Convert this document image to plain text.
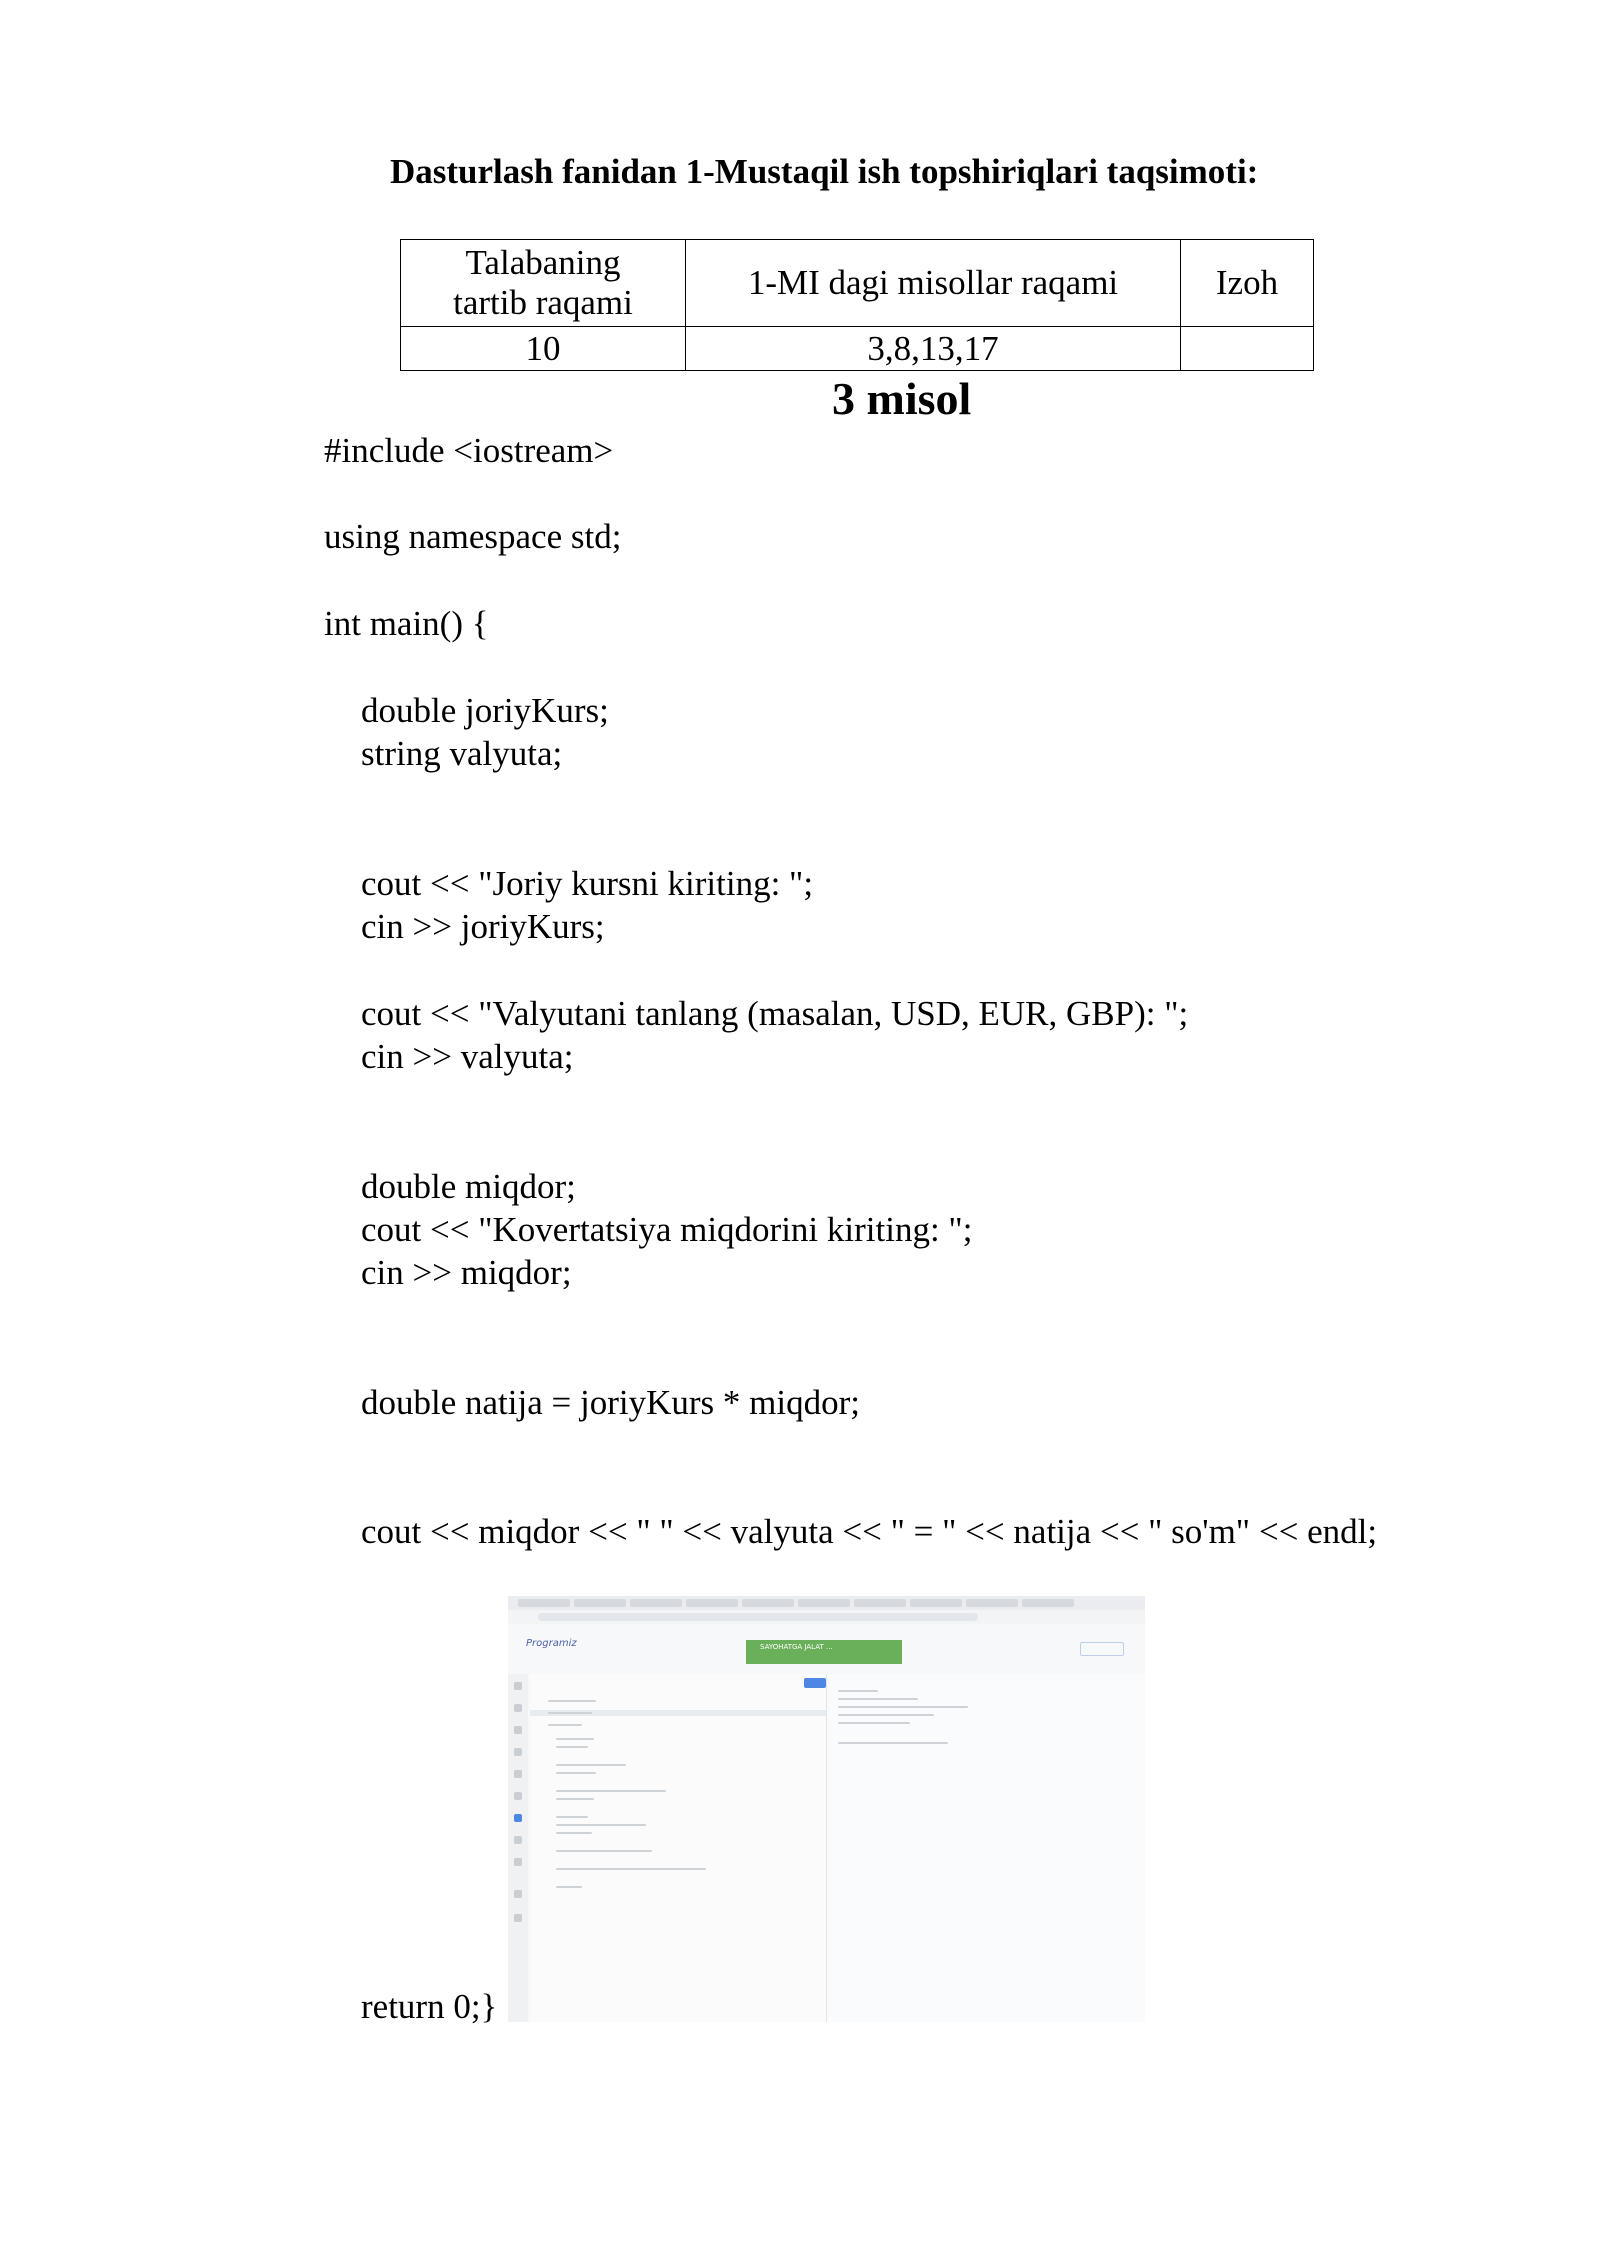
Dasturlash fanidan 1-Mustaqil ish topshiriqlari taqsimoti:
Talabaning
tartib raqami	1-MI dagi misollar raqami	Izoh
10	3,8,13,17	
3 misol
#include <iostream>
using namespace std;
int main() {
double joriyKurs;
string valyuta;
cout << "Joriy kursni kiriting: ";
cin >> joriyKurs;
cout << "Valyutani tanlang (masalan, USD, EUR, GBP): ";
cin >> valyuta;
double miqdor;
cout << "Kovertatsiya miqdorini kiriting: ";
cin >> miqdor;
double natija = joriyKurs * miqdor;
cout << miqdor << " " << valyuta << " = " << natija << " so'm" << endl;
return 0;}
Programiz	SAYOHATGA JALAT ...
